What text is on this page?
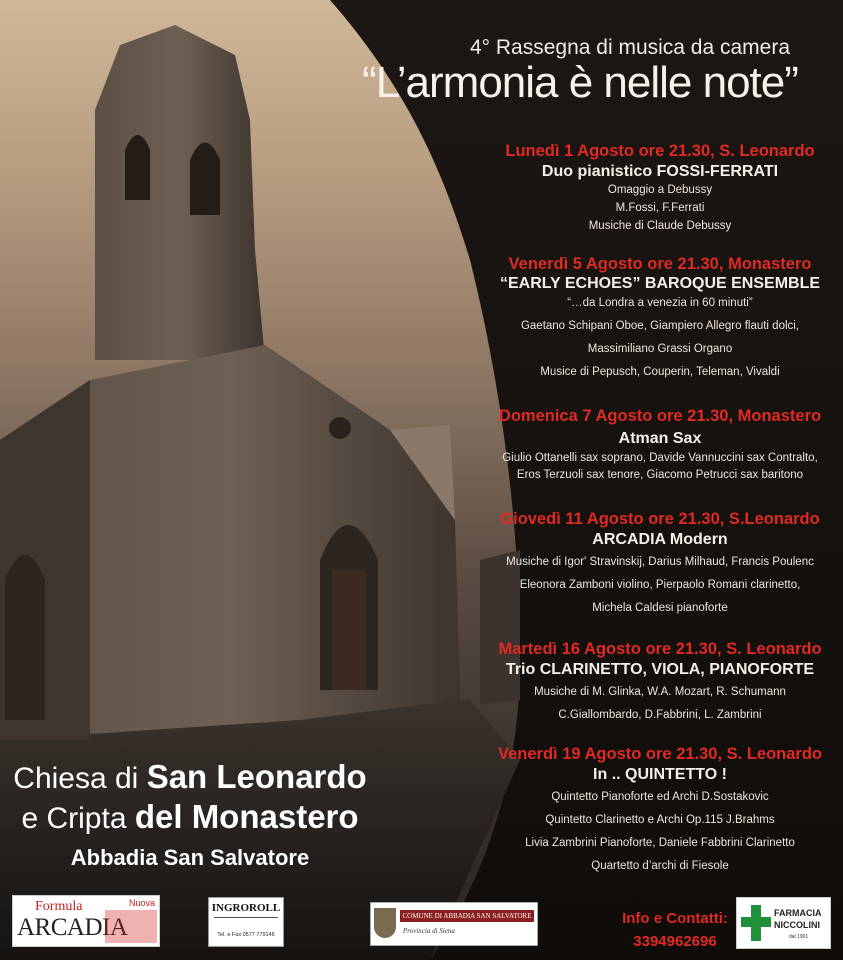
4° Rassegna di musica da camera
“L’armonia è nelle note”
Lunedì 1 Agosto ore 21.30, S. Leonardo
Duo pianistico FOSSI-FERRATI
Omaggio a Debussy
M.Fossi, F.Ferrati
Musiche di Claude Debussy
Venerdì 5 Agosto ore 21.30, Monastero
“EARLY ECHOES” BAROQUE ENSEMBLE
“…da Londra a venezia in 60 minuti”
Gaetano Schipani Oboe, Giampiero Allegro flauti dolci,
Massimiliano Grassi Organo
Musice di Pepusch, Couperin, Teleman, Vivaldi
Domenica 7 Agosto ore 21.30, Monastero
Atman Sax
Giulio Ottanelli sax soprano, Davide Vannuccini sax Contralto,
Eros Terzuoli sax tenore, Giacomo Petrucci sax baritono
Giovedì 11 Agosto ore 21.30, S.Leonardo
ARCADIA Modern
Musiche di Igor' Stravinskij, Darius Milhaud, Francis Poulenc
Eleonora Zamboni violino, Pierpaolo Romani clarinetto,
Michela Caldesi pianoforte
Martedì 16 Agosto ore 21.30, S. Leonardo
Trio CLARINETTO, VIOLA, PIANOFORTE
Musiche di M. Glinka, W.A. Mozart, R. Schumann
C.Giallombardo, D.Fabbrini, L. Zambrini
Venerdì 19 Agosto ore 21.30, S. Leonardo
In .. QUINTETTO !
Quintetto Pianoforte ed Archi D.Sostakovic
Quintetto Clarinetto e Archi Op.115 J.Brahms
Livia Zambrini Pianoforte, Daniele Fabbrini Clarinetto
Quartetto d’archi di Fiesole
Chiesa di San Leonardo
e Cripta del Monastero
Abbadia San Salvatore
Formula	Nuova
ARCADIA
INGROROLL
Tel. e Fax 0577 779146
COMUNE DI ABBADIA SAN SALVATORE
Provincia di Siena
Info e Contatti:
3394962696
FARMACIA
NICCOLINI
dal 1901
